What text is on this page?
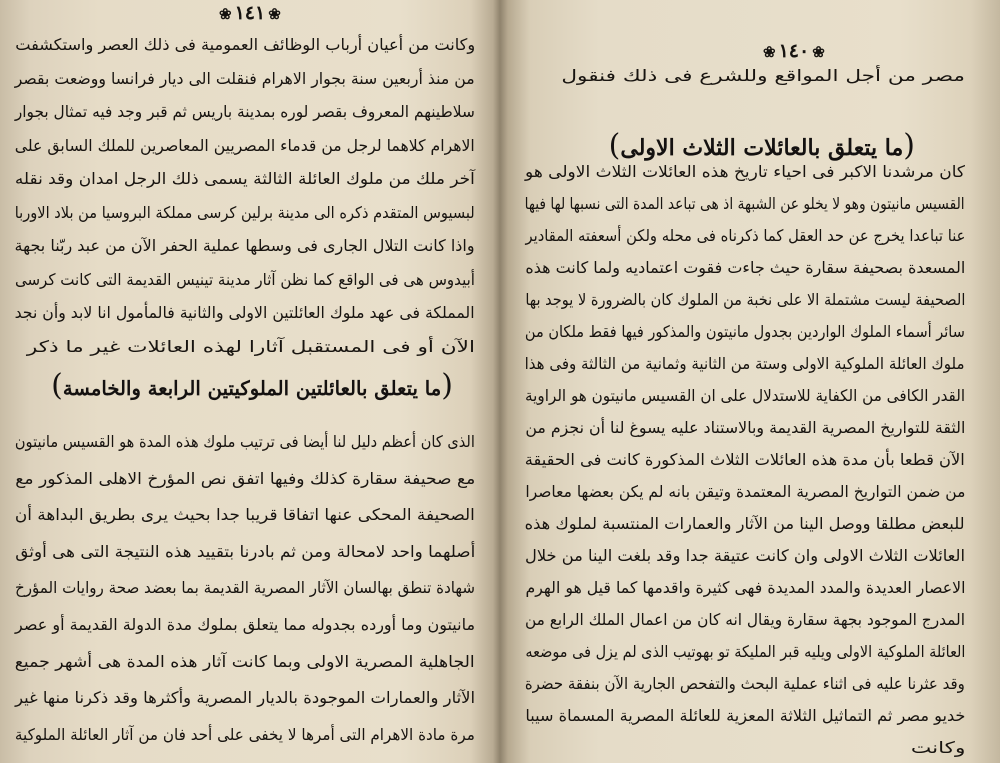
❀١٤١❀
وكانت من أعيان أرباب الوظائف العمومية فى ذلك العصر واستكشفت
من منذ أربعين سنة بجوار الاهرام فنقلت الى ديار فرانسا ووضعت بقصر
سلاطينهم المعروف بقصر لوره بمدينة باريس ثم قبر وجد فيه تمثال بجوار
الاهرام كلاهما لرجل من قدماء المصريين المعاصرين للملك السابق على
آخر ملك من ملوك العائلة الثالثة يسمى ذلك الرجل امدان وقد نقله
لبسيوس المتقدم ذكره الى مدينة برلين كرسى مملكة البروسيا من بلاد الاوربا
واذا كانت التلال الجارى فى وسطها عملية الحفر الآن من عبد ربّنا بجهة
أبيدوس هى فى الواقع كما نظن آثار مدينة تينيس القديمة التى كانت كرسى
المملكة فى عهد ملوك العائلتين الاولى والثانية فالمأمول انا لابد وأن نجد
الآن أو فى المستقبل آثارا لهذه العائلات غير ما ذكر
الذى كان أعظم دليل لنا أيضا فى ترتيب ملوك هذه المدة هو القسيس مانيتون
مع صحيفة سقارة كذلك وفيها اتفق نص المؤرخ الاهلى المذكور مع
الصحيفة المحكى عنها اتفاقا قريبا جدا بحيث يرى بطريق البداهة أن
أصلهما واحد لامحالة ومن ثم بادرنا بتقييد هذه النتيجة التى هى أوثق
شهادة تنطق بهالسان الآثار المصرية القديمة بما بعضد صحة روايات المؤرخ
مانيتون وما أورده بجدوله مما يتعلق بملوك مدة الدولة القديمة أو عصر
الجاهلية المصرية الاولى وبما كانت آثار هذه المدة هى أشهر جميع
الآثار والعمارات الموجودة بالديار المصرية وأكثرها وقد ذكرنا منها غير
مرة مادة الاهرام التى أمرها لا يخفى على أحد فان من آثار العائلة الملوكية
(ما يتعلق بالعائلتين الملوكيتين الرابعة والخامسة)
❀١٤٠❀
مصر من أجل المواقع وللشرع فى ذلك فنقول
(ما يتعلق بالعائلات الثلاث الاولى)
كان مرشدنا الاكبر فى احياء تاريخ هذه العائلات الثلاث الاولى هو
القسيس مانيتون وهو لا يخلو عن الشبهة اذ هى تباعد المدة التى نسبها لها فيها
عنا تباعدا يخرج عن حد العقل كما ذكرناه فى محله ولكن أسعفته المقادير
المسعدة بصحيفة سقارة حيث جاءت فقوت اعتماديه ولما كانت هذه
الصحيفة ليست مشتملة الا على نخبة من الملوك كان بالضرورة لا يوجد بها
سائر أسماء الملوك الواردين بجدول مانيتون والمذكور فيها فقط ملكان من
ملوك العائلة الملوكية الاولى وستة من الثانية وثمانية من الثالثة وفى هذا
القدر الكافى من الكفاية للاستدلال على ان القسيس مانيتون هو الراوية
الثقة للتواريخ المصرية القديمة وبالاستناد عليه يسوغ لنا أن نجزم من
الآن قطعا بأن مدة هذه العائلات الثلاث المذكورة كانت فى الحقيقة
من ضمن التواريخ المصرية المعتمدة وتيقن بانه لم يكن بعضها معاصرا
للبعض مطلقا ووصل الينا من الآثار والعمارات المنتسبة لملوك هذه
العائلات الثلاث الاولى وان كانت عتيقة جدا وقد بلغت الينا من خلال
الاعصار العديدة والمدد المديدة فهى كثيرة واقدمها كما قيل هو الهرم
المدرج الموجود بجهة سقارة ويقال انه كان من اعمال الملك الرابع من
العائلة الملوكية الاولى ويليه قبر المليكة تو بهوتيب الذى لم يزل فى موضعه
وقد عثرنا عليه فى اثناء عملية البحث والتفحص الجارية الآن بنفقة حضرة
خديو مصر ثم التماثيل الثلاثة المعزية للعائلة المصرية المسماة سيبا
وكانت
